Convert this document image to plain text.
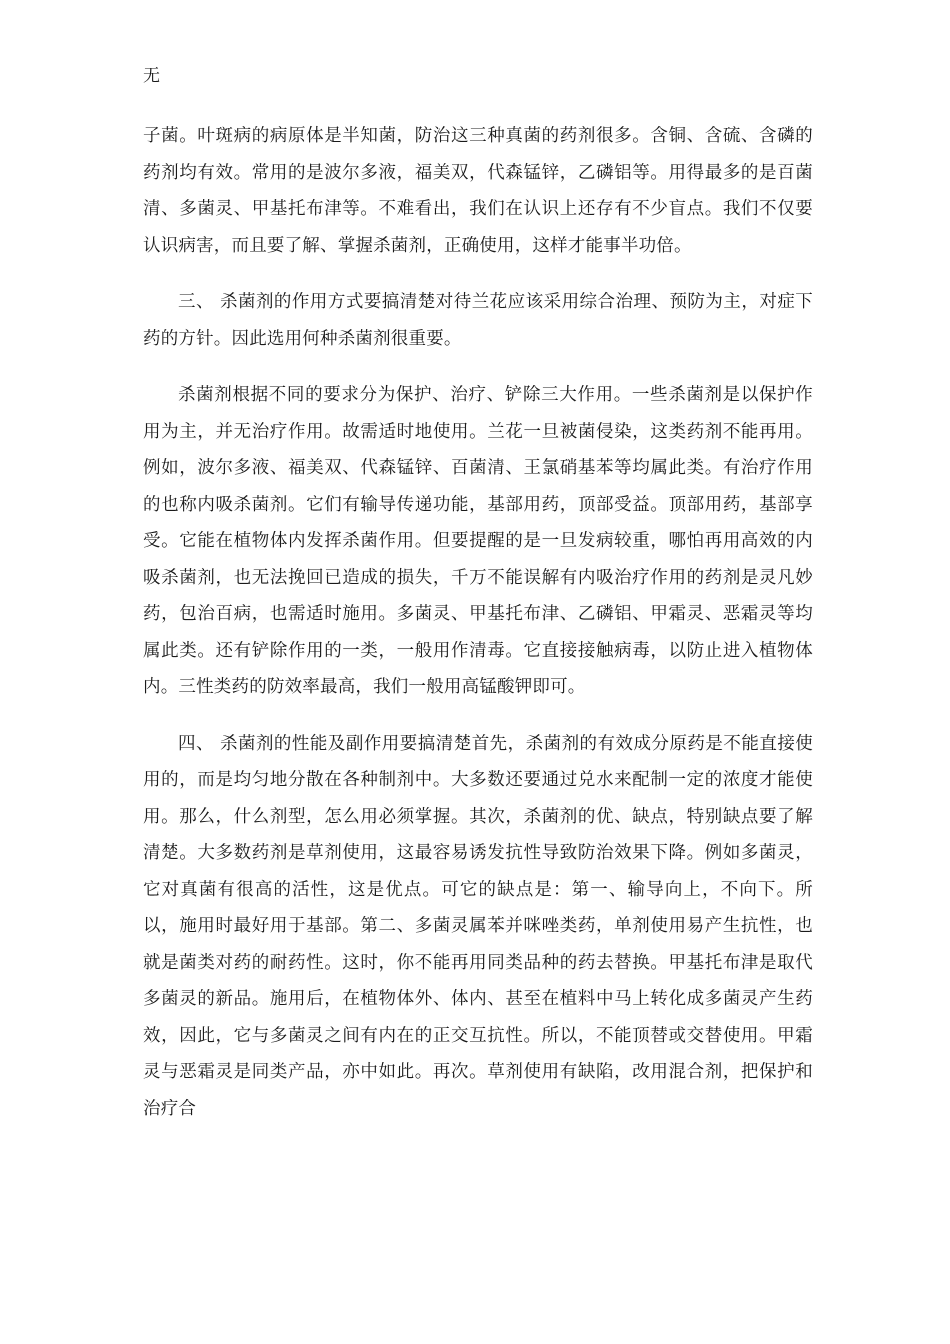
无

子菌。叶斑病的病原体是半知菌，防治这三种真菌的药剂很多。含铜、含硫、含磷的药剂均有效。常用的是波尔多液，福美双，代森锰锌，乙磷铝等。用得最多的是百菌清、多菌灵、甲基托布津等。不难看出，我们在认识上还存有不少盲点。我们不仅要认识病害，而且要了解、掌握杀菌剂，正确使用，这样才能事半功倍。

三、 杀菌剂的作用方式要搞清楚对待兰花应该采用综合治理、预防为主，对症下药的方针。因此选用何种杀菌剂很重要。

杀菌剂根据不同的要求分为保护、治疗、铲除三大作用。一些杀菌剂是以保护作用为主，并无治疗作用。故需适时地使用。兰花一旦被菌侵染，这类药剂不能再用。例如，波尔多液、福美双、代森锰锌、百菌清、王氯硝基苯等均属此类。有治疗作用的也称内吸杀菌剂。它们有输导传递功能，基部用药，顶部受益。顶部用药，基部享受。它能在植物体内发挥杀菌作用。但要提醒的是一旦发病较重，哪怕再用高效的内吸杀菌剂，也无法挽回已造成的损失，千万不能误解有内吸治疗作用的药剂是灵凡妙药，包治百病，也需适时施用。多菌灵、甲基托布津、乙磷铝、甲霜灵、恶霜灵等均属此类。还有铲除作用的一类，一般用作清毒。它直接接触病毒，以防止进入植物体内。三性类药的防效率最高，我们一般用高锰酸钾即可。

四、 杀菌剂的性能及副作用要搞清楚首先，杀菌剂的有效成分原药是不能直接使用的，而是均匀地分散在各种制剂中。大多数还要通过兑水来配制一定的浓度才能使用。那么，什么剂型，怎么用必须掌握。其次，杀菌剂的优、缺点，特别缺点要了解清楚。大多数药剂是草剂使用，这最容易诱发抗性导致防治效果下降。例如多菌灵，它对真菌有很高的活性，这是优点。可它的缺点是：第一、输导向上，不向下。所以，施用时最好用于基部。第二、多菌灵属苯并咪唑类药，单剂使用易产生抗性，也就是菌类对药的耐药性。这时，你不能再用同类品种的药去替换。甲基托布津是取代多菌灵的新品。施用后，在植物体外、体内、甚至在植料中马上转化成多菌灵产生药效，因此，它与多菌灵之间有内在的正交互抗性。所以，不能顶替或交替使用。甲霜灵与恶霜灵是同类产品，亦中如此。再次。草剂使用有缺陷，改用混合剂，把保护和治疗合
